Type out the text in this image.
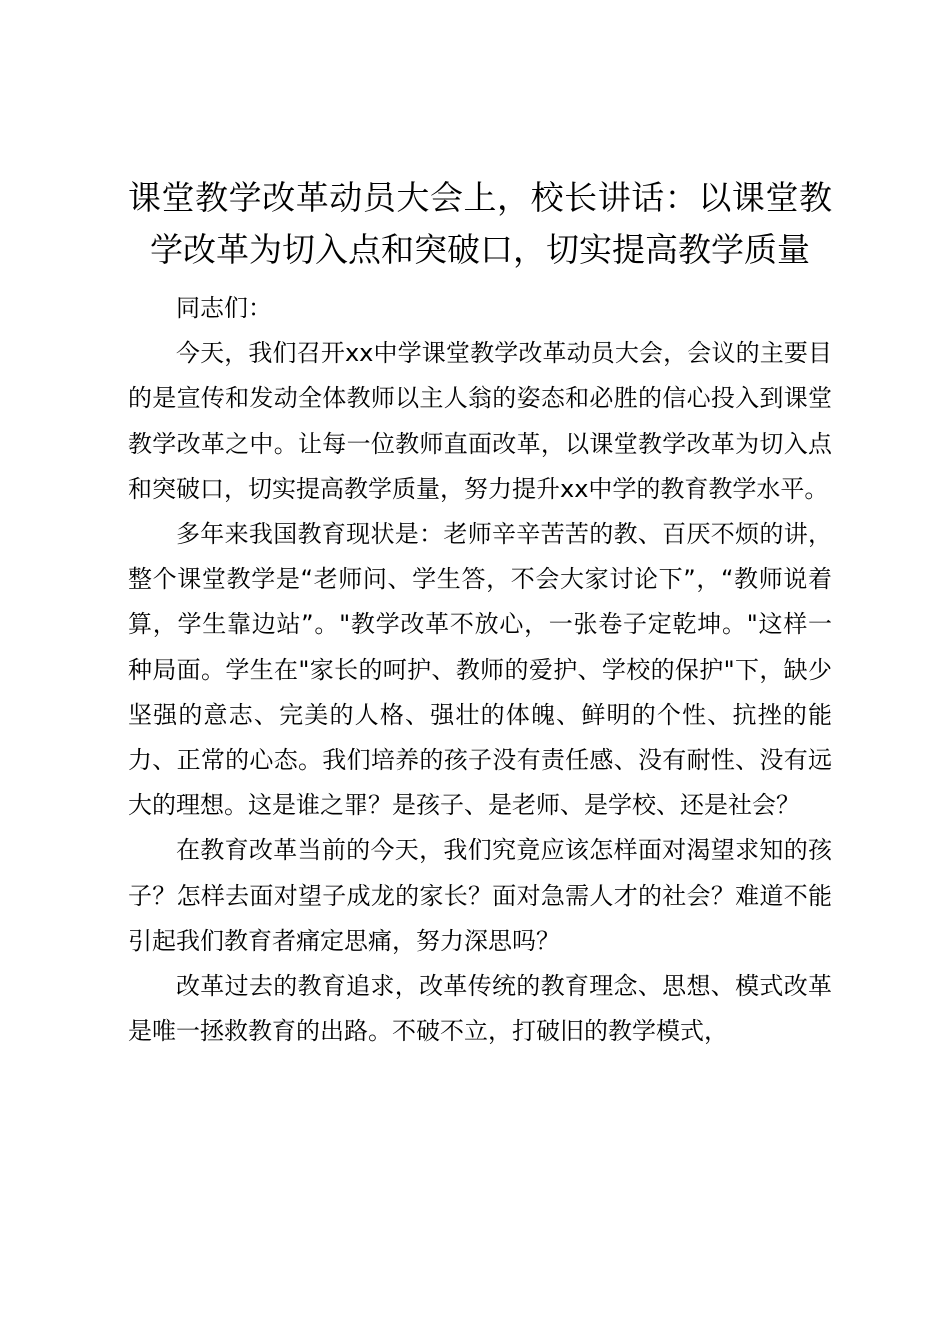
课堂教学改革动员大会上，校长讲话：以课堂教学改革为切入点和突破口，切实提高教学质量

同志们：

今天，我们召开xx中学课堂教学改革动员大会，会议的主要目的是宣传和发动全体教师以主人翁的姿态和必胜的信心投入到课堂教学改革之中。让每一位教师直面改革，以课堂教学改革为切入点和突破口，切实提高教学质量，努力提升xx中学的教育教学水平。

多年来我国教育现状是：老师辛辛苦苦的教、百厌不烦的讲，整个课堂教学是“老师问、学生答，不会大家讨论下”，“教师说着算，学生靠边站”。"教学改革不放心，一张卷子定乾坤。"这样一种局面。学生在"家长的呵护、教师的爱护、学校的保护"下，缺少坚强的意志、完美的人格、强壮的体魄、鲜明的个性、抗挫的能力、正常的心态。我们培养的孩子没有责任感、没有耐性、没有远大的理想。这是谁之罪？是孩子、是老师、是学校、还是社会？

在教育改革当前的今天，我们究竟应该怎样面对渴望求知的孩子？怎样去面对望子成龙的家长？面对急需人才的社会？难道不能引起我们教育者痛定思痛，努力深思吗？

改革过去的教育追求，改革传统的教育理念、思想、模式改革是唯一拯救教育的出路。不破不立，打破旧的教学模式，
